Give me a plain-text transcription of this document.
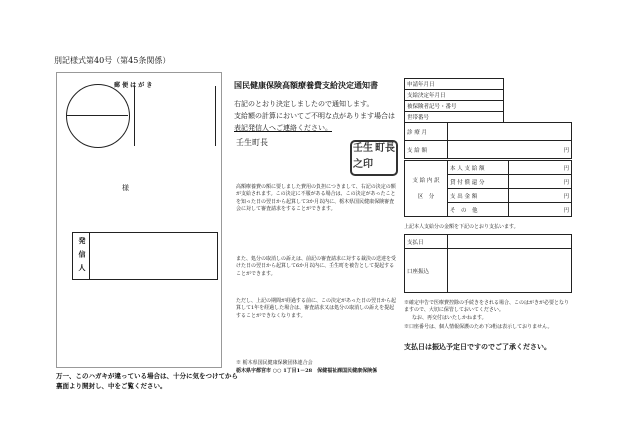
別記様式第40号（第45条関係）
郵 便 は が き
様
発 信 人
万一、このハガキが違っている場合は、十分に気をつけてから
裏面より開封し、中をご覧ください。
国民健康保険高額療養費支給決定通知書
右記のとおり決定しましたので通知します。
支給額の計算においてご不明な点があります場合は
表記発信人へご連絡ください。
壬生町長
壬生 町長
之印
高額療養費の額に要しました費用の負担につきまして、右記の決定の額が支給されます。この決定に不服がある場合は、この決定があったことを知った日の翌日から起算して3か月以内に、栃木県国民健康保険審査会に対して審査請求をすることができます。
また、処分の取消しの訴えは、前記の審査請求に対する裁決の送達を受けた日の翌日から起算して6か月以内に、壬生町を被告として提起することができます。
ただし、上記の期間が経過する前に、この決定があった日の翌日から起算して1年を経過した場合は、審査請求又は処分の取消しの訴えを提起することができなくなります。
※ 栃木県国民健康保険団体連合会
栃木県宇都宮市 ○○ 1丁目1－28　保健福祉課国民健康保険係
申請年月日
支給決定年月日
被保険者記号・番号
世帯番号
診 療 月	
支 給 額	円
支 給 内 訳
区　分	本 人 支 給 額	円
	貸 付 償 還 分	円
	支 出 金 額	円
	そ　の　他	円
上記本人支給分の金額を下記のとおり支払います。
支払日	
口座振込	
※確定申告で医療費控除の手続きをされる場合、このはがきが必要となりますので、大切に保管しておいてください。
なお、再交付はいたしかねます。
※口座番号は、個人情報保護のため下3桁は表示しておりません。
支払日は振込予定日ですのでご了承ください。
